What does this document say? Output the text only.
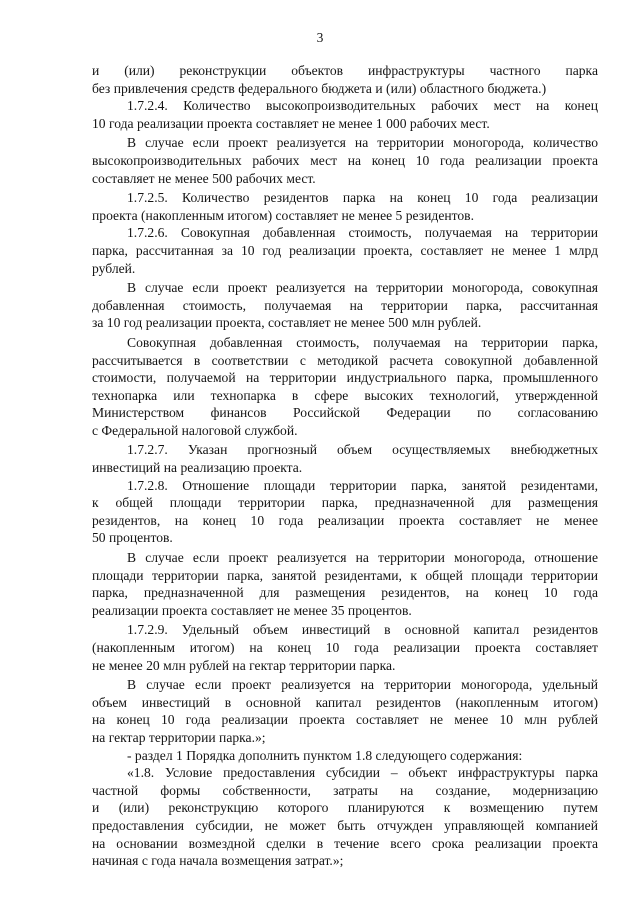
3
и (или) реконструкции объектов инфраструктуры частного парка
без привлечения средств федерального бюджета и (или) областного бюджета.)
1.7.2.4. Количество высокопроизводительных рабочих мест на конец
10 года реализации проекта составляет не менее 1 000 рабочих мест.
В случае если проект реализуется на территории моногорода, количество
высокопроизводительных рабочих мест на конец 10 года реализации проекта
составляет не менее 500 рабочих мест.
1.7.2.5. Количество резидентов парка на конец 10 года реализации
проекта (накопленным итогом) составляет не менее 5 резидентов.
1.7.2.6. Совокупная добавленная стоимость, получаемая на территории
парка, рассчитанная за 10 год реализации проекта, составляет не менее 1 млрд
рублей.
В случае если проект реализуется на территории моногорода, совокупная
добавленная стоимость, получаемая на территории парка, рассчитанная
за 10 год реализации проекта, составляет не менее 500 млн рублей.
Совокупная добавленная стоимость, получаемая на территории парка,
рассчитывается в соответствии с методикой расчета совокупной добавленной
стоимости, получаемой на территории индустриального парка, промышленного
технопарка или технопарка в сфере высоких технологий, утвержденной
Министерством финансов Российской Федерации по согласованию
с Федеральной налоговой службой.
1.7.2.7. Указан прогнозный объем осуществляемых внебюджетных
инвестиций на реализацию проекта.
1.7.2.8. Отношение площади территории парка, занятой резидентами,
к общей площади территории парка, предназначенной для размещения
резидентов, на конец 10 года реализации проекта составляет не менее
50 процентов.
В случае если проект реализуется на территории моногорода, отношение
площади территории парка, занятой резидентами, к общей площади территории
парка, предназначенной для размещения резидентов, на конец 10 года
реализации проекта составляет не менее 35 процентов.
1.7.2.9. Удельный объем инвестиций в основной капитал резидентов
(накопленным итогом) на конец 10 года реализации проекта составляет
не менее 20 млн рублей на гектар территории парка.
В случае если проект реализуется на территории моногорода, удельный
объем инвестиций в основной капитал резидентов (накопленным итогом)
на конец 10 года реализации проекта составляет не менее 10 млн рублей
на гектар территории парка.»;
- раздел 1 Порядка дополнить пунктом 1.8 следующего содержания:
«1.8. Условие предоставления субсидии – объект инфраструктуры парка
частной формы собственности, затраты на создание, модернизацию
и (или) реконструкцию которого планируются к возмещению путем
предоставления субсидии, не может быть отчужден управляющей компанией
на основании возмездной сделки в течение всего срока реализации проекта
начиная с года начала возмещения затрат.»;
